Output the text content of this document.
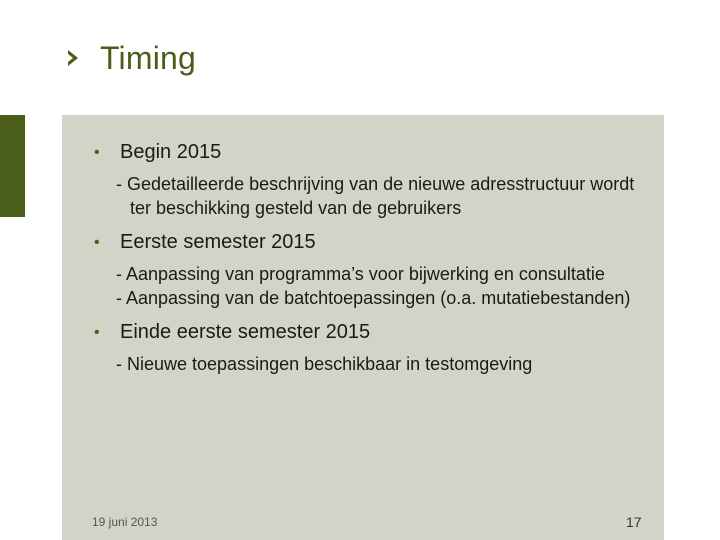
Timing
•	Begin 2015
- Gedetailleerde beschrijving van de nieuwe adresstructuur wordt ter beschikking gesteld van de gebruikers
•	Eerste semester 2015
- Aanpassing van programma’s voor bijwerking en consultatie
- Aanpassing van de batchtoepassingen (o.a. mutatiebestanden)
•	Einde eerste semester 2015
- Nieuwe toepassingen beschikbaar in testomgeving
19 juni 2013	17
